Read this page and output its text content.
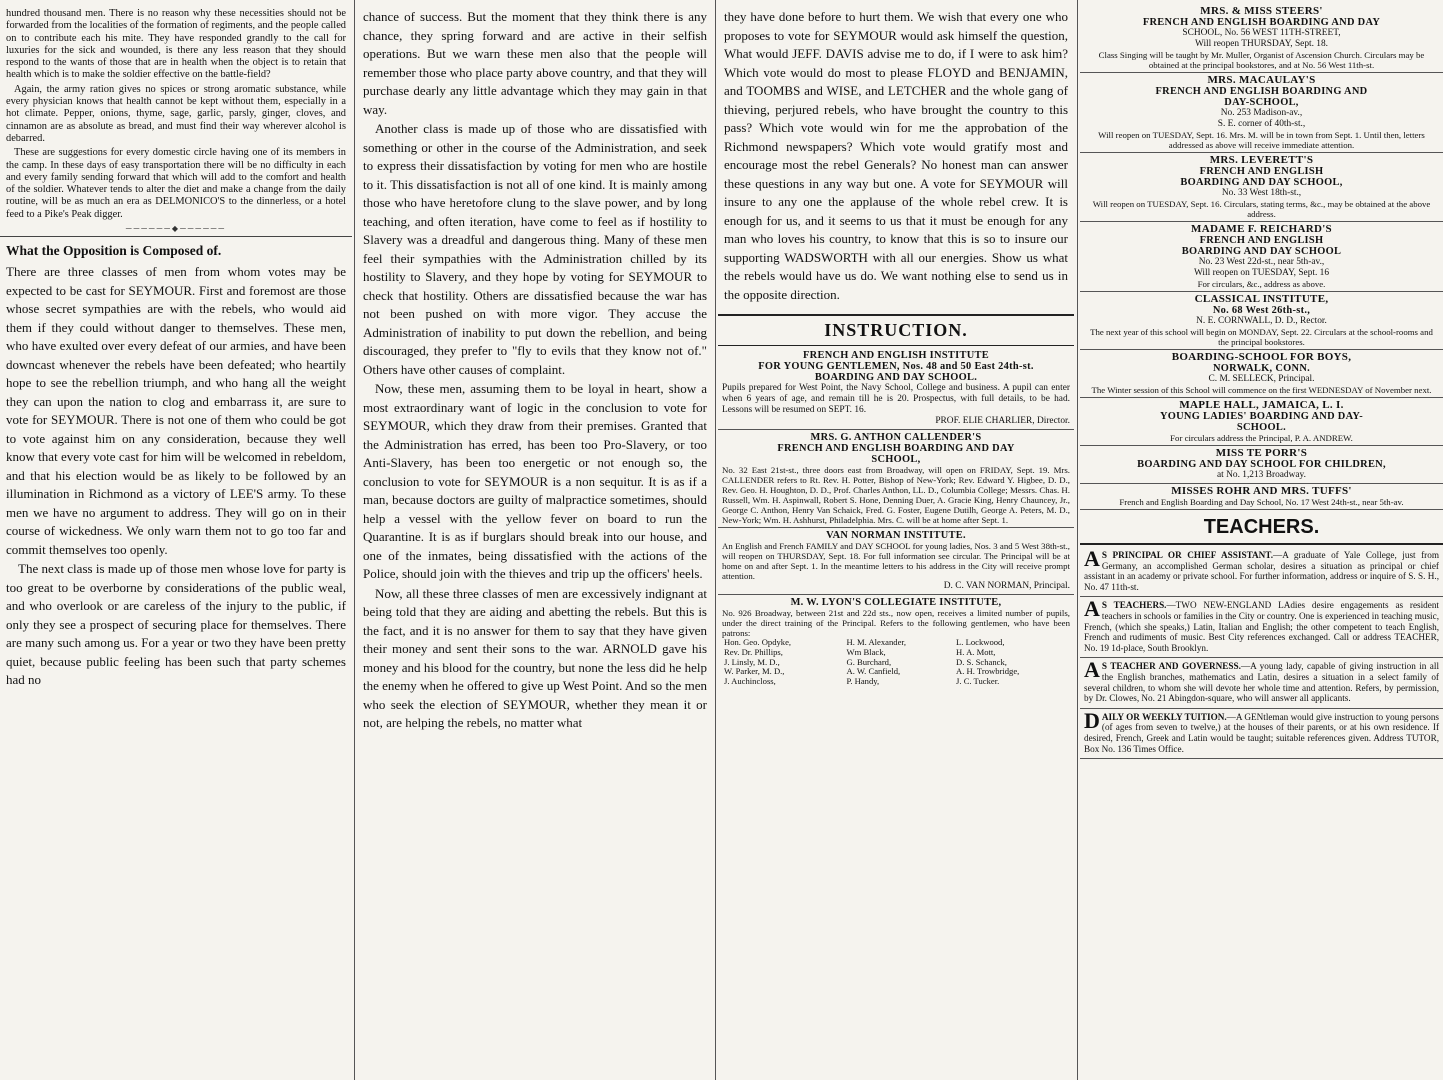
hundred thousand men. There is no reason why these necessities should not be forwarded from the localities of the formation of regiments, and the people called on to contribute each his mite. They have responded grandly to the call for luxuries for the sick and wounded, is there any less reason that they should respond to the wants of those that are in health when the object is to retain that health which is to make the soldier effective on the battle-field?

Again, the army ration gives no spices or strong aromatic substance, while every physician knows that health cannot be kept without them, especially in a hot climate. Pepper, onions, thyme, sage, garlic, parsly, ginger, cloves, and cinnamon are as absolute as bread, and must find their way wherever alcohol is debarred.

These are suggestions for every domestic circle having one of its members in the camp. In these days of easy transportation there will be no difficulty in each and every family sending forward that which will add to the comfort and health of the soldier. Whatever tends to alter the diet and make a change from the daily routine, will be as much an era as DELMONICO'S to the dinnerless, or a hotel feed to a Pike's Peak digger.

──────◆──────
What the Opposition is Composed of.

There are three classes of men from whom votes may be expected to be cast for SEYMOUR. First and foremost are those whose secret sympathies are with the rebels, who would aid them if they could without danger to themselves. These men, who have exulted over every defeat of our armies, and have been downcast whenever the rebels have been defeated; who heartily hope to see the rebellion triumph, and who hang all the weight they can upon the nation to clog and embarrass it, are sure to vote for SEYMOUR. There is not one of them who could be got to vote against him on any consideration, because they well know that every vote cast for him will be welcomed in rebeldom, and that his election would be as likely to be followed by an illumination in Richmond as a victory of LEE'S army. To these men we have no argument to address. They will go on in their course of wickedness. We only warn them not to go too far and commit themselves too openly.

The next class is made up of those men whose love for party is too great to be overborne by considerations of the public weal, and who overlook or are careless of the injury to the public, if only they see a prospect of securing place for themselves. There are many such among us. For a year or two they have been pretty quiet, because public feeling has been such that party schemes had no

chance of success. But the moment that they think there is any chance, they spring forward and are active in their selfish operations. But we warn these men also that the people will remember those who place party above country, and that they will purchase dearly any little advantage which they may gain in that way.

Another class is made up of those who are dissatisfied with something or other in the course of the Administration, and seek to express their dissatisfaction by voting for men who are hostile to it. This dissatisfaction is not all of one kind. It is mainly among those who have heretofore clung to the slave power, and by long teaching, and often iteration, have come to feel as if hostility to Slavery was a dreadful and dangerous thing. Many of these men feel their sympathies with the Administration chilled by its hostility to Slavery, and they hope by voting for SEYMOUR to check that hostility. Others are dissatisfied because the war has not been pushed on with more vigor. They accuse the Administration of inability to put down the rebellion, and being discouraged, they prefer to "fly to evils that they know not of." Others have other causes of complaint.

Now, these men, assuming them to be loyal in heart, show a most extraordinary want of logic in the conclusion to vote for SEYMOUR, which they draw from their premises. Granted that the Administration has erred, has been too Pro-Slavery, or too Anti-Slavery, has been too energetic or not enough so, the conclusion to vote for SEYMOUR is a non sequitur. It is as if a man, because doctors are guilty of malpractice sometimes, should help a vessel with the yellow fever on board to run the Quarantine. It is as if burglars should break into our house, and one of the inmates, being dissatisfied with the actions of the Police, should join with the thieves and trip up the officers' heels.

Now, all these three classes of men are excessively indignant at being told that they are aiding and abetting the rebels. But this is the fact, and it is no answer for them to say that they have given their money and sent their sons to the war. ARNOLD gave his money and his blood for the country, but none the less did he help the enemy when he offered to give up West Point. And so the men who seek the election of SEYMOUR, whether they mean it or not, are helping the rebels, no matter what

they have done before to hurt them. We wish that every one who proposes to vote for SEYMOUR would ask himself the question, What would JEFF. DAVIS advise me to do, if I were to ask him? Which vote would do most to please FLOYD and BENJAMIN, and TOOMBS and WISE, and LETCHER and the whole gang of thieving, perjured rebels, who have brought the country to this pass? Which vote would win for me the approbation of the Richmond newspapers? Which vote would gratify most and encourage most the rebel Generals? No honest man can answer these questions in any way but one. A vote for SEYMOUR will insure to any one the applause of the whole rebel crew. It is enough for us, and it seems to us that it must be enough for any man who loves his country, to know that this is so to insure our supporting WADSWORTH with all our energies. Show us what the rebels would have us do. We want nothing else to send us in the opposite direction.

INSTRUCTION.
FRENCH AND ENGLISH INSTITUTE
FOR YOUNG GENTLEMEN, Nos. 48 and 50 East 24th-st.
BOARDING AND DAY SCHOOL.
Pupils prepared for West Point, the Navy School, College and business. A pupil can enter when 6 years of age, and remain till he is 20. Prospectus, with full details, to be had. Lessons will be resumed on SEPT. 16.
PROF. ELIE CHARLIER, Director.
MRS. G. ANTHON CALLENDER'S
FRENCH AND ENGLISH BOARDING AND DAY
SCHOOL,
No. 32 East 21st-st., three doors east from Broadway, will open on FRIDAY, Sept. 19. Mrs. CALLENDER refers to Rt. Rev. H. Potter, Bishop of New-York; Rev. Edward Y. Higbee, D. D., Rev. Geo. H. Houghton, D. D., Prof. Charles Anthon, LL. D., Columbia College; Messrs. Chas. H. Russell, Wm. H. Aspinwall, Robert S. Hone, Denning Duer, A. Gracie King, Henry Chauncey, Jr., George C. Anthon, Henry Van Schaick, Fred. G. Foster, Eugene Dutilh, George A. Peters, M. D., New-York; Wm. H. Ashhurst, Philadelphia. Mrs. C. will be at home after Sept. 1.
VAN NORMAN INSTITUTE.
An English and French FAMILY and DAY SCHOOL for young ladies, Nos. 3 and 5 West 38th-st., will reopen on THURSDAY, Sept. 18. For full information see circular. The Principal will be at home on and after Sept. 1. In the meantime letters to his address in the City will receive prompt attention.
D. C. VAN NORMAN, Principal.
M. W. LYON'S COLLEGIATE INSTITUTE,
No. 926 Broadway, between 21st and 22d sts., now open, receives a limited number of pupils, under the direct training of the Principal. Refers to the following gentlemen, who have been patrons:
Hon. Geo. Opdyke,	H. M. Alexander,	L. Lockwood,
Rev. Dr. Phillips,	Wm Black,	H. A. Mott,
J. Linsly, M. D.,	G. Burchard,	D. S. Schanck,
W. Parker, M. D.,	A. W. Canfield,	A. H. Trowbridge,
J. Auchincloss,	P. Handy,	J. C. Tucker.
MRS. & MISS STEERS'
FRENCH AND ENGLISH BOARDING AND DAY
SCHOOL, No. 56 WEST 11TH-STREET,
Will reopen THURSDAY, Sept. 18.
Class Singing will be taught by Mr. Muller, Organist of Ascension Church. Circulars may be obtained at the principal bookstores, and at No. 56 West 11th-st.
MRS. MACAULAY'S
FRENCH AND ENGLISH BOARDING AND
DAY-SCHOOL,
No. 253 Madison-av.,
S. E. corner of 40th-st.,
Will reopen on TUESDAY, Sept. 16. Mrs. M. will be in town from Sept. 1. Until then, letters addressed as above will receive immediate attention.
MRS. LEVERETT'S
FRENCH AND ENGLISH
BOARDING AND DAY SCHOOL,
No. 33 West 18th-st.,
Will reopen on TUESDAY, Sept. 16. Circulars, stating terms, &c., may be obtained at the above address.
MADAME F. REICHARD'S
FRENCH AND ENGLISH
BOARDING AND DAY SCHOOL
No. 23 West 22d-st., near 5th-av.,
Will reopen on TUESDAY, Sept. 16
For circulars, &c., address as above.
CLASSICAL INSTITUTE,
No. 68 West 26th-st.,
N. E. CORNWALL, D. D., Rector.
The next year of this school will begin on MONDAY, Sept. 22. Circulars at the school-rooms and the principal bookstores.
BOARDING-SCHOOL FOR BOYS,
NORWALK, CONN.
C. M. SELLECK, Principal.
The Winter session of this School will commence on the first WEDNESDAY of November next.
MAPLE HALL, JAMAICA, L. I.
YOUNG LADIES' BOARDING AND DAY-
SCHOOL.
For circulars address the Principal, P. A. ANDREW.
MISS TE PORR'S
BOARDING AND DAY SCHOOL FOR CHILDREN,
at No. 1,213 Broadway.
MISSES ROHR AND MRS. TUFFS'
French and English Boarding and Day School, No. 17 West 24th-st., near 5th-av.
TEACHERS.
A S PRINCIPAL OR CHIEF ASSISTANT.—A graduate of Yale College, just from Germany, an accomplished German scholar, desires a situation as principal or chief assistant in an academy or private school. For further information, address or inquire of S. S. H., No. 47 11th-st.
A S TEACHERS.—TWO NEW-ENGLAND LAdies desire engagements as resident teachers in schools or families in the City or country. One is experienced in teaching music, French, (which she speaks,) Latin, Italian and English; the other competent to teach English, French and rudiments of music. Best City references exchanged. Call or address TEACHER, No. 19 1d-place, South Brooklyn.
A S TEACHER AND GOVERNESS.—A young lady, capable of giving instruction in all the English branches, mathematics and Latin, desires a situation in a select family of several children, to whom she will devote her whole time and attention. Refers, by permission, by Dr. Clowes, No. 21 Abingdon-square, who will answer all applicants.
DAILY OR WEEKLY TUITION.—A GENtleman would give instruction to young persons (of ages from seven to twelve,) at the houses of their parents, or at his own residence. If desired, French, Greek and Latin would be taught; suitable references given. Address TUTOR, Box No. 136 Times Office.
